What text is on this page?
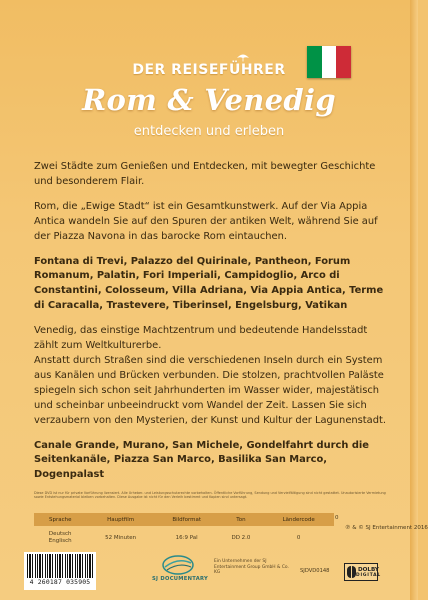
DER REISEFÜHRER
Rom & Venedig
entdecken und erleben

Zwei Städte zum Genießen und Entdecken, mit bewegter Geschichte und besonderem Flair.

Rom, die „Ewige Stadt“ ist ein Gesamtkunstwerk. Auf der Via Appia Antica wandeln Sie auf den Spuren der antiken Welt, während Sie auf der Piazza Navona in das barocke Rom eintauchen.

Fontana di Trevi, Palazzo del Quirinale, Pantheon, Forum Romanum, Palatin, Fori Imperiali, Campidoglio, Arco di Constantini, Colosseum, Villa Adriana, Via Appia Antica, Terme di Caracalla, Trastevere, Tiberinsel, Engelsburg, Vatikan

Venedig, das einstige Machtzentrum und bedeutende Handelsstadt zählt zum Weltkulturerbe.

Anstatt durch Straßen sind die verschiedenen Inseln durch ein System aus Kanälen und Brücken verbunden. Die stolzen, prachtvollen Paläste spiegeln sich schon seit Jahrhunderten im Wasser wider, majestätisch und scheinbar unbeeindruckt vom Wandel der Zeit. Lassen Sie sich verzaubern von den Mysterien, der Kunst und Kultur der Lagunenstadt.

Canale Grande, Murano, San Michele, Gondelfahrt durch die Seitenkanäle, Piazza San Marco, Basilika San Marco, Dogenpalast

Diese DVD ist nur für private Vorführung lizensiert. Alle Urheber- und Leistungsschutzrechte vorbehalten. Öffentliche Vorführung, Sendung und Vervielfältigung sind nicht gestattet. Unautorisierte Vermietung sowie Entstehungsmaterial bleiben vorbehalten. Diese Ausgabe ist nicht für den Verleih bestimmt und Kopien sind untersagt.
Sprache	Hauptfilm	Bildformat	Ton	Ländercode

Deutsch
Englisch	52 Minuten	16:9 Pal	DD 2.0	0
0
℗ & © SJ Entertainment 2016
4 260187 035905	SJ DOCUMENTARY
Ein Unternehmen der SJ Entertainment Group GmbH & Co. KG	SJDVD0148	DOLBY
DIGITAL
